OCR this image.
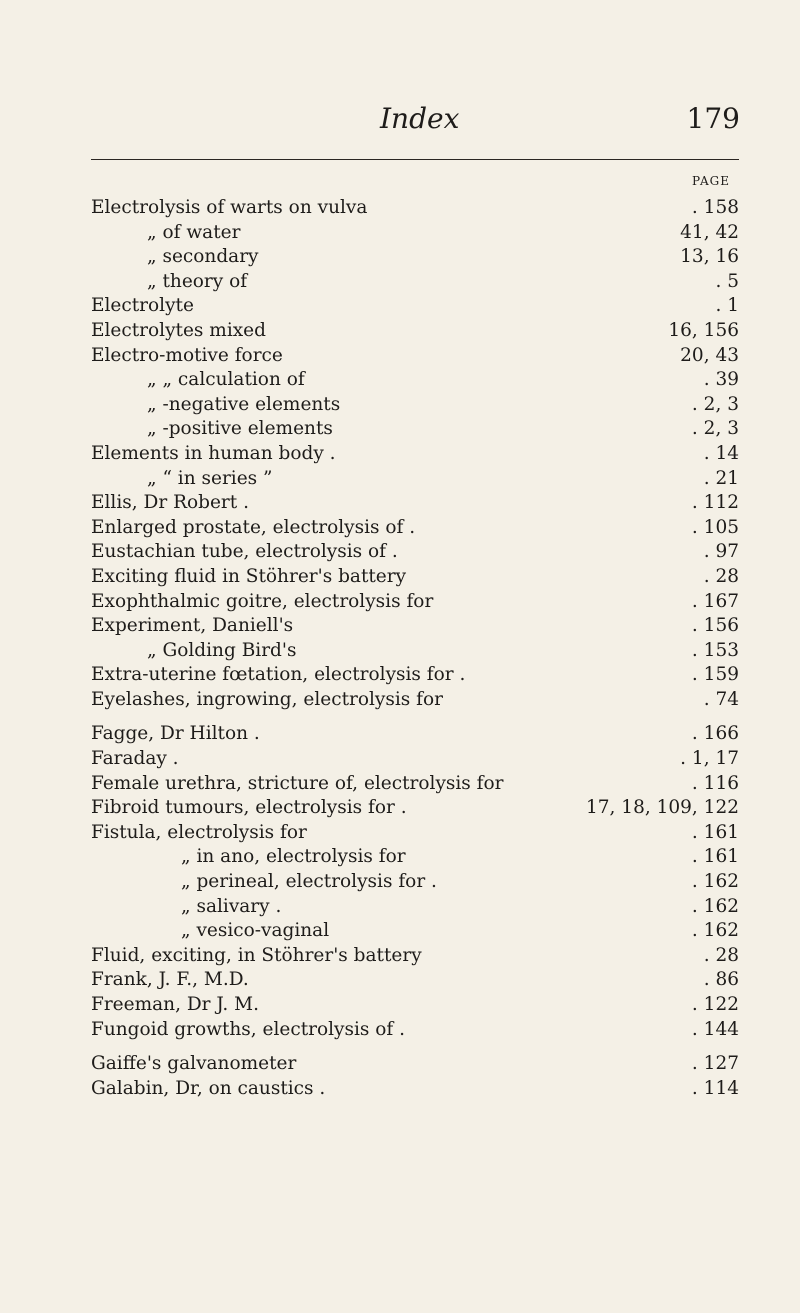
Index	179
PAGE
Electrolysis of warts on vulva	. 158
„ of water	41, 42
„ secondary	13, 16
„ theory of	. 5
Electrolyte	. 1
Electrolytes mixed	16, 156
Electro-motive force	20, 43
„ „ calculation of	. 39
„ -negative elements	. 2, 3
„ -positive elements	. 2, 3
Elements in human body .	. 14
„ “ in series ”	. 21
Ellis, Dr Robert .	. 112
Enlarged prostate, electrolysis of .	. 105
Eustachian tube, electrolysis of .	. 97
Exciting fluid in Stöhrer's battery	. 28
Exophthalmic goitre, electrolysis for	. 167
Experiment, Daniell's	. 156
„ Golding Bird's	. 153
Extra-uterine fœtation, electrolysis for .	. 159
Eyelashes, ingrowing, electrolysis for	. 74
Fagge, Dr Hilton .	. 166
Faraday .	. 1, 17
Female urethra, stricture of, electrolysis for	. 116
Fibroid tumours, electrolysis for .	17, 18, 109, 122
Fistula, electrolysis for	. 161
„ in ano, electrolysis for	. 161
„ perineal, electrolysis for .	. 162
„ salivary .	. 162
„ vesico-vaginal	. 162
Fluid, exciting, in Stöhrer's battery	. 28
Frank, J. F., M.D.	. 86
Freeman, Dr J. M.	. 122
Fungoid growths, electrolysis of .	. 144
Gaiffe's galvanometer	. 127
Galabin, Dr, on caustics .	. 114
